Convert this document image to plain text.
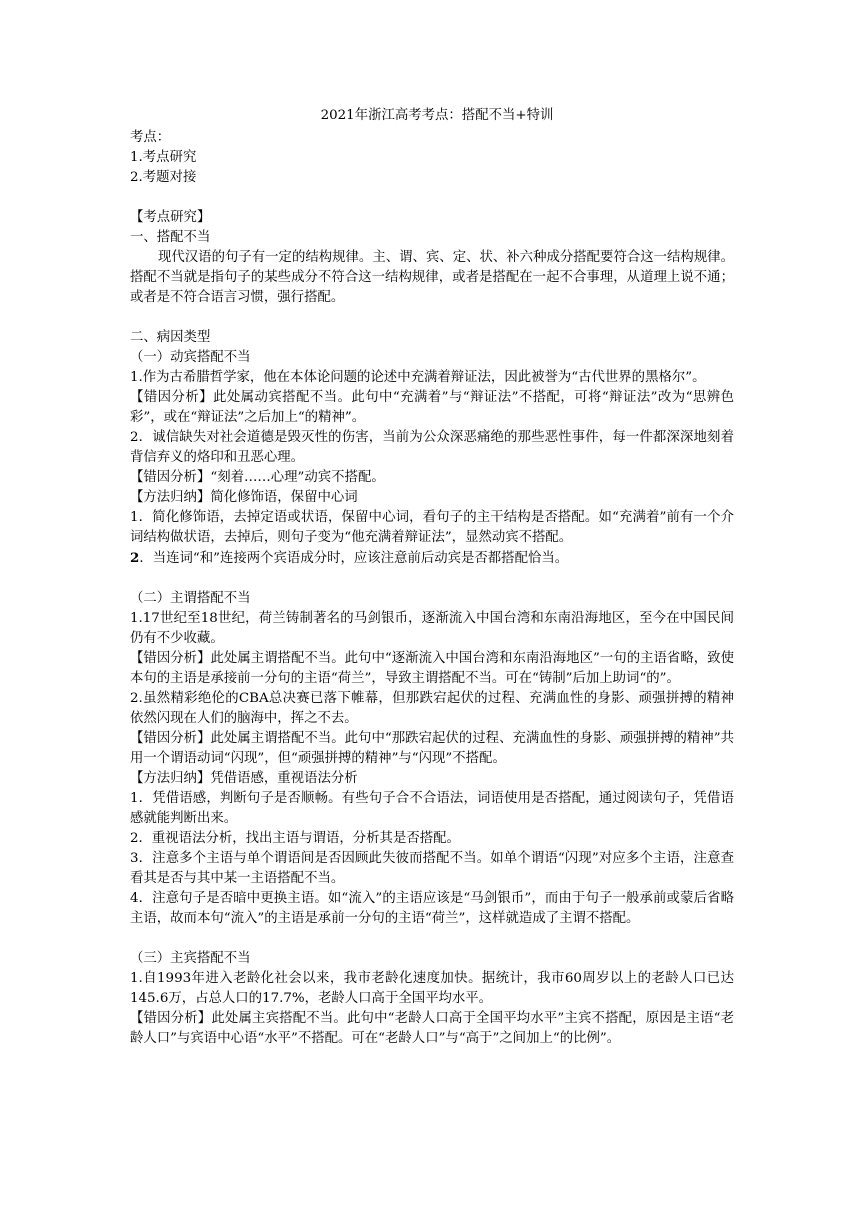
2021年浙江高考考点：搭配不当+特训

考点：

1.考点研究

2.考题对接

【考点研究】

一、搭配不当

现代汉语的句子有一定的结构规律。主、谓、宾、定、状、补六种成分搭配要符合这一结构规律。搭配不当就是指句子的某些成分不符合这一结构规律，或者是搭配在一起不合事理，从道理上说不通；或者是不符合语言习惯，强行搭配。

二、病因类型

（一）动宾搭配不当

1.作为古希腊哲学家，他在本体论问题的论述中充满着辩证法，因此被誉为“古代世界的黑格尔”。

【错因分析】此处属动宾搭配不当。此句中“充满着”与“辩证法”不搭配，可将“辩证法”改为“思辨色彩”，或在“辩证法”之后加上“的精神”。

2．诚信缺失对社会道德是毁灭性的伤害，当前为公众深恶痛绝的那些恶性事件，每一件都深深地刻着背信弃义的烙印和丑恶心理。

【错因分析】“刻着……心理”动宾不搭配。

【方法归纳】简化修饰语，保留中心词

1．简化修饰语，去掉定语或状语，保留中心词，看句子的主干结构是否搭配。如“充满着”前有一个介词结构做状语，去掉后，则句子变为“他充满着辩证法”，显然动宾不搭配。

2．当连词“和”连接两个宾语成分时，应该注意前后动宾是否都搭配恰当。

（二）主谓搭配不当

1.17世纪至18世纪，荷兰铸制著名的马剑银币，逐渐流入中国台湾和东南沿海地区，至今在中国民间仍有不少收藏。

【错因分析】此处属主谓搭配不当。此句中“逐渐流入中国台湾和东南沿海地区”一句的主语省略，致使本句的主语是承接前一分句的主语“荷兰”，导致主谓搭配不当。可在“铸制”后加上助词“的”。

2.虽然精彩绝伦的CBA总决赛已落下帷幕，但那跌宕起伏的过程、充满血性的身影、顽强拼搏的精神依然闪现在人们的脑海中，挥之不去。

【错因分析】此处属主谓搭配不当。此句中“那跌宕起伏的过程、充满血性的身影、顽强拼搏的精神”共用一个谓语动词“闪现”，但“顽强拼搏的精神”与“闪现”不搭配。

【方法归纳】凭借语感，重视语法分析

1．凭借语感，判断句子是否顺畅。有些句子合不合语法，词语使用是否搭配，通过阅读句子，凭借语感就能判断出来。

2．重视语法分析，找出主语与谓语，分析其是否搭配。

3．注意多个主语与单个谓语间是否因顾此失彼而搭配不当。如单个谓语“闪现”对应多个主语，注意查看其是否与其中某一主语搭配不当。

4．注意句子是否暗中更换主语。如“流入”的主语应该是“马剑银币”，而由于句子一般承前或蒙后省略主语，故而本句“流入”的主语是承前一分句的主语“荷兰”，这样就造成了主谓不搭配。

（三）主宾搭配不当

1.自1993年进入老龄化社会以来，我市老龄化速度加快。据统计，我市60周岁以上的老龄人口已达145.6万，占总人口的17.7%，老龄人口高于全国平均水平。

【错因分析】此处属主宾搭配不当。此句中“老龄人口高于全国平均水平”主宾不搭配，原因是主语“老龄人口”与宾语中心语“水平”不搭配。可在“老龄人口”与“高于”之间加上“的比例”。
